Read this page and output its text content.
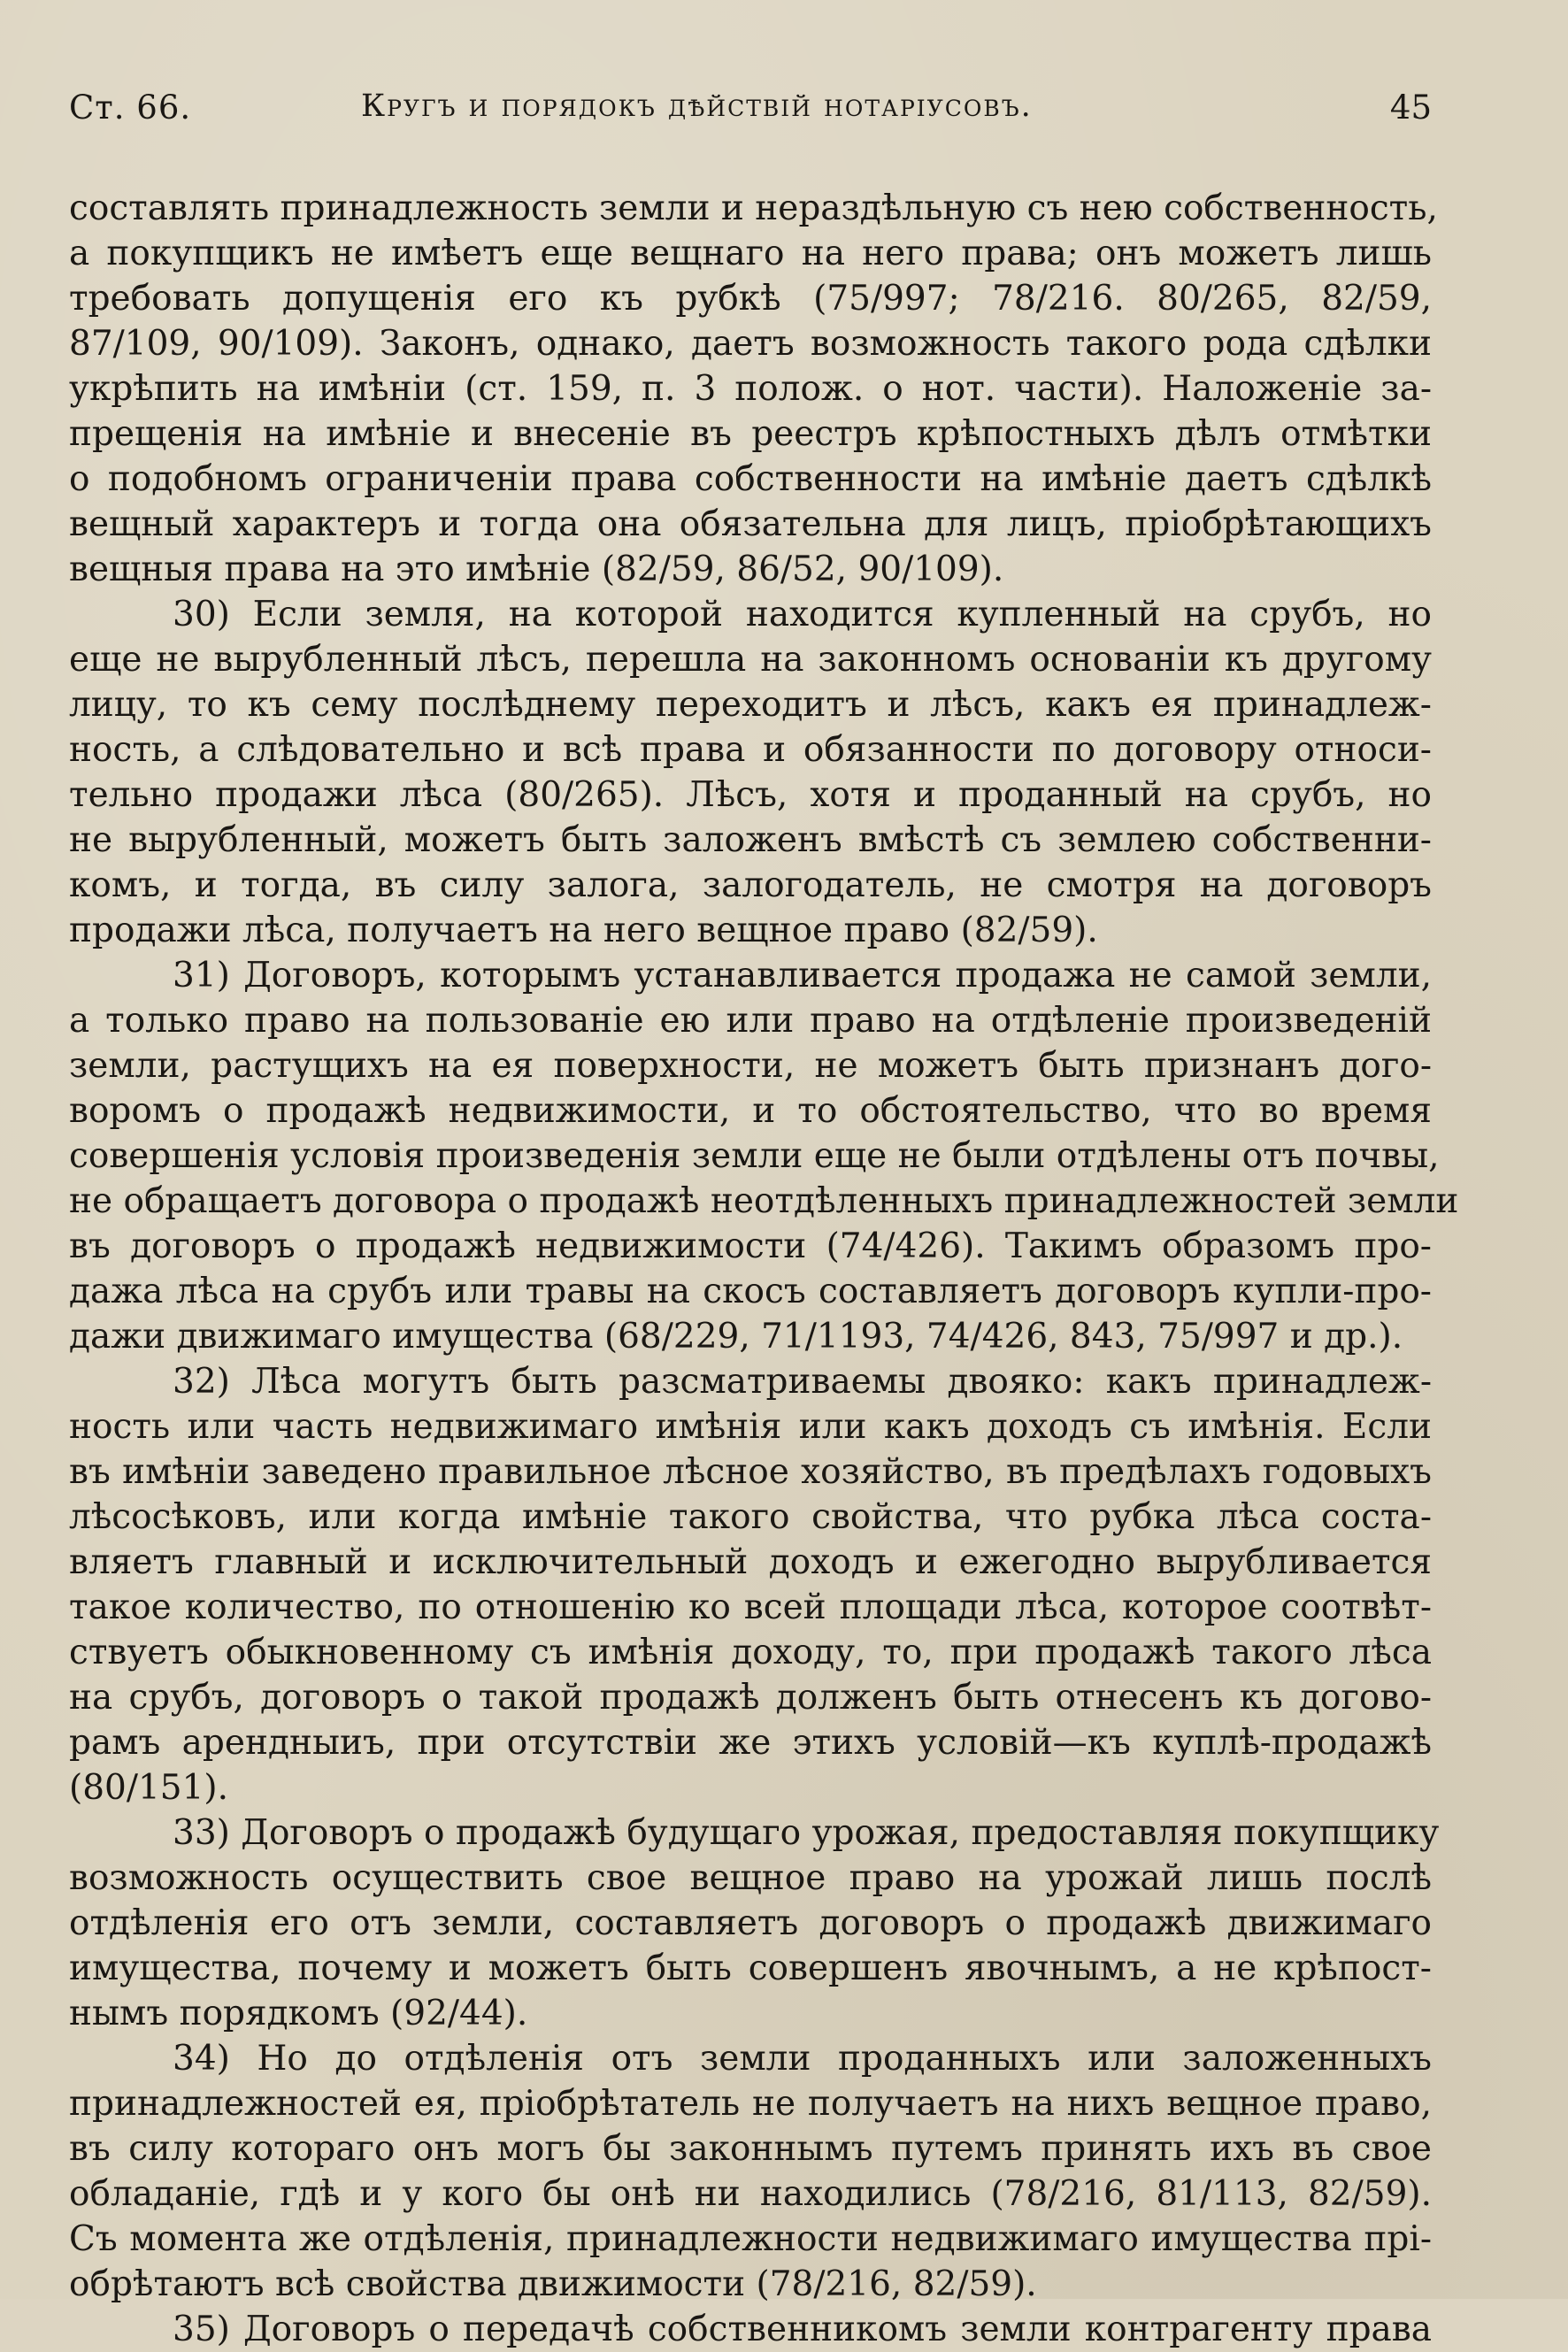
Ст. 66.	Кругъ и порядокъ дѣйствій нотаріусовъ.	45
составлять принадлежность земли и нераздѣльную съ нею собственность,
а покупщикъ не имѣетъ еще вещнаго на него права; онъ можетъ лишь
требовать допущенія его къ рубкѣ (75/997; 78/216. 80/265, 82/59,
87/109, 90/109). Законъ, однако, даетъ возможность такого рода сдѣлки
укрѣпить на имѣніи (ст. 159, п. 3 полож. о нот. части). Наложеніе за-
прещенія на имѣніе и внесеніе въ реестръ крѣпостныхъ дѣлъ отмѣтки
о подобномъ ограниченіи права собственности на имѣніе даетъ сдѣлкѣ
вещный характеръ и тогда она обязательна для лицъ, пріобрѣтающихъ
вещныя права на это имѣніе (82/59, 86/52, 90/109).
30) Если земля, на которой находится купленный на срубъ, но
еще не вырубленный лѣсъ, перешла на законномъ основаніи къ другому
лицу, то къ сему послѣднему переходитъ и лѣсъ, какъ ея принадлеж-
ность, а слѣдовательно и всѣ права и обязанности по договору относи-
тельно продажи лѣса (80/265). Лѣсъ, хотя и проданный на срубъ, но
не вырубленный, можетъ быть заложенъ вмѣстѣ съ землею собственни-
комъ, и тогда, въ силу залога, залогодатель, не смотря на договоръ
продажи лѣса, получаетъ на него вещное право (82/59).
31) Договоръ, которымъ устанавливается продажа не самой земли,
а только право на пользованіе ею или право на отдѣленіе произведеній
земли, растущихъ на ея поверхности, не можетъ быть признанъ дого-
воромъ о продажѣ недвижимости, и то обстоятельство, что во время
совершенія условія произведенія земли еще не были отдѣлены отъ почвы,
не обращаетъ договора о продажѣ неотдѣленныхъ принадлежностей земли
въ договоръ о продажѣ недвижимости (74/426). Такимъ образомъ про-
дажа лѣса на срубъ или травы на скосъ составляетъ договоръ купли-про-
дажи движимаго имущества (68/229, 71/1193, 74/426, 843, 75/997 и др.).
32) Лѣса могутъ быть разсматриваемы двояко: какъ принадлеж-
ность или часть недвижимаго имѣнія или какъ доходъ съ имѣнія. Если
въ имѣніи заведено правильное лѣсное хозяйство, въ предѣлахъ годовыхъ
лѣсосѣковъ, или когда имѣніе такого свойства, что рубка лѣса соста-
вляетъ главный и исключительный доходъ и ежегодно вырубливается
такое количество, по отношенію ко всей площади лѣса, которое соотвѣт-
ствуетъ обыкновенному съ имѣнія доходу, то, при продажѣ такого лѣса
на срубъ, договоръ о такой продажѣ долженъ быть отнесенъ къ догово-
рамъ арендныиъ, при отсутствіи же этихъ условій—къ куплѣ-продажѣ
(80/151).
33) Договоръ о продажѣ будущаго урожая, предоставляя покупщику
возможность осуществить свое вещное право на урожай лишь послѣ
отдѣленія его отъ земли, составляетъ договоръ о продажѣ движимаго
имущества, почему и можетъ быть совершенъ явочнымъ, а не крѣпост-
нымъ порядкомъ (92/44).
34) Но до отдѣленія отъ земли проданныхъ или заложенныхъ
принадлежностей ея, пріобрѣтатель не получаетъ на нихъ вещное право,
въ силу котораго онъ могъ бы законнымъ путемъ принять ихъ въ свое
обладаніе, гдѣ и у кого бы онѣ ни находились (78/216, 81/113, 82/59).
Съ момента же отдѣленія, принадлежности недвижимаго имущества прі-
обрѣтаютъ всѣ свойства движимости (78/216, 82/59).
35) Договоръ о передачѣ собственникомъ земли контрагенту права
